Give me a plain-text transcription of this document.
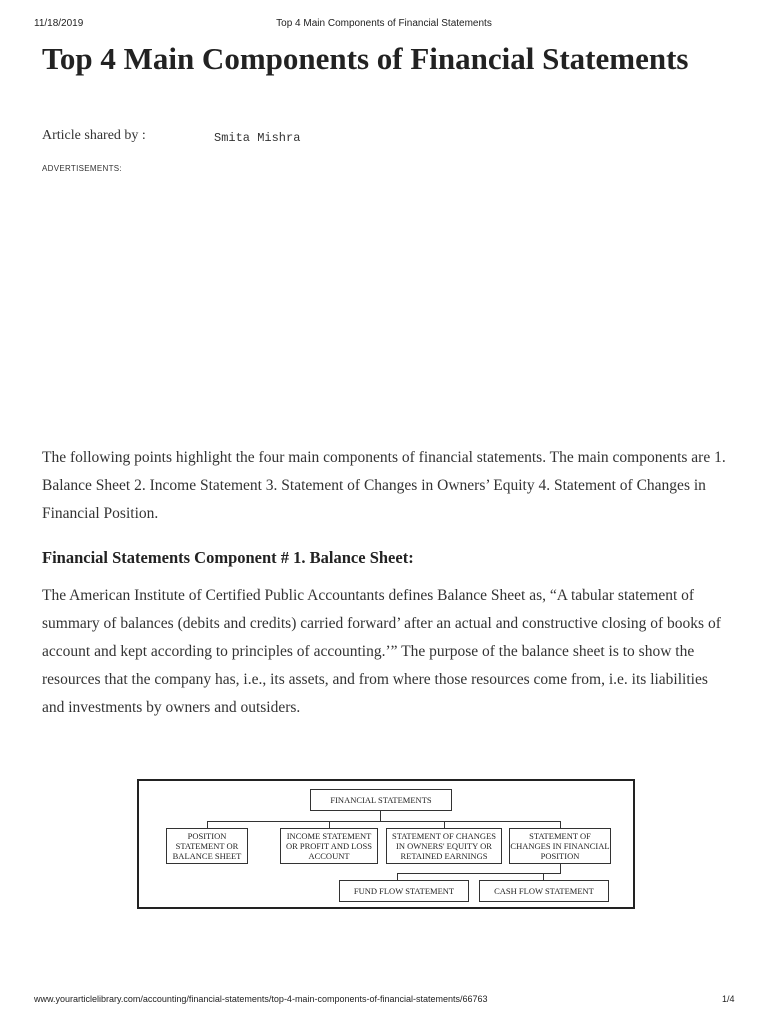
11/18/2019	Top 4 Main Components of Financial Statements
Top 4 Main Components of Financial Statements
Article shared by :	Smita Mishra
ADVERTISEMENTS:

The following points highlight the four main components of financial statements. The main components are 1. Balance Sheet 2. Income Statement 3. Statement of Changes in Owners’ Equity 4. Statement of Changes in Financial Position.

Financial Statements Component # 1. Balance Sheet:

The American Institute of Certified Public Accountants defines Balance Sheet as, “A tabular statement of summary of balances (debits and credits) carried forward’ after an actual and constructive closing of books of account and kept according to principles of accounting.’” The purpose of the balance sheet is to show the resources that the company has, i.e., its assets, and from where those resources come from, i.e. its liabilities and investments by owners and outsiders.

FINANCIAL STATEMENTS
POSITION STATEMENT OR BALANCE SHEET
INCOME STATEMENT OR PROFIT AND LOSS ACCOUNT
STATEMENT OF CHANGES IN OWNERS' EQUITY OR RETAINED EARNINGS
STATEMENT OF CHANGES IN FINANCIAL POSITION
FUND FLOW STATEMENT	CASH FLOW STATEMENT
www.yourarticlelibrary.com/accounting/financial-statements/top-4-main-components-of-financial-statements/66763	1/4
